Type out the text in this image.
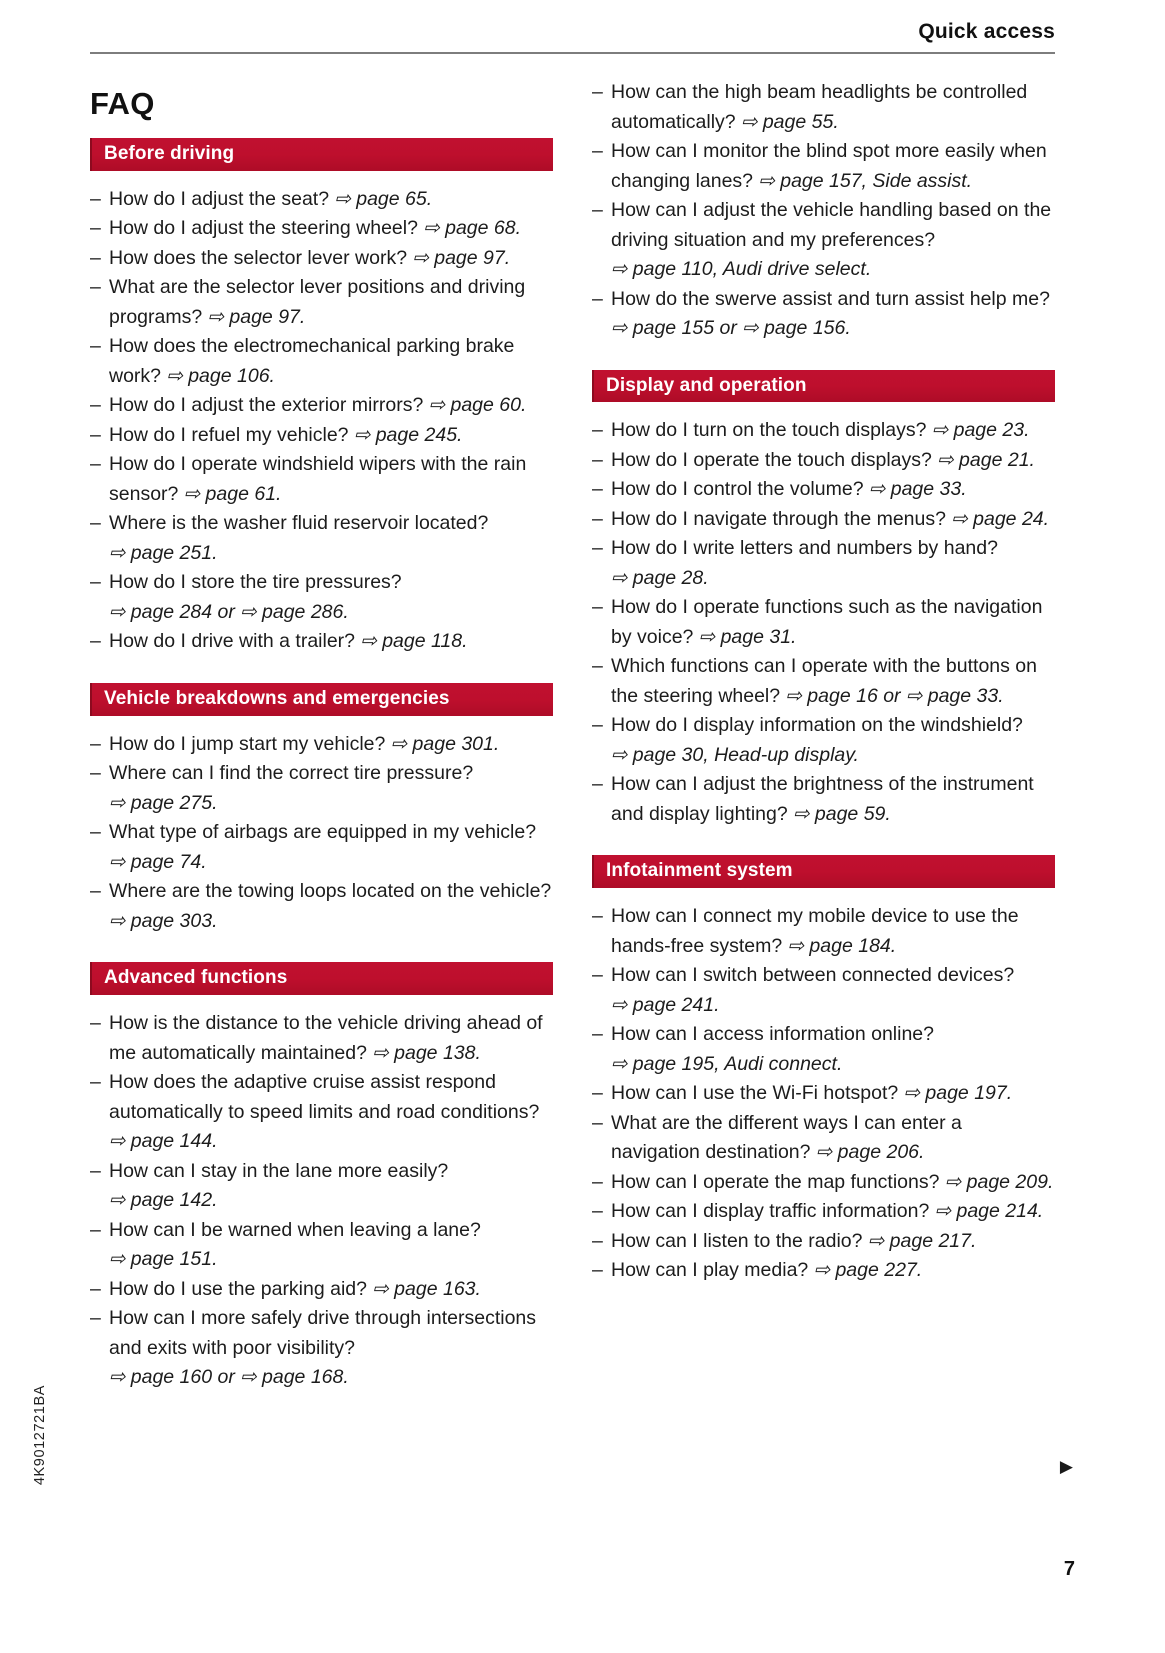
Quick access
FAQ
Before driving
– How do I adjust the seat? ⇨ page 65.
– How do I adjust the steering wheel? ⇨ page 68.
– How does the selector lever work? ⇨ page 97.
– What are the selector lever positions and driving programs? ⇨ page 97.
– How does the electromechanical parking brake work? ⇨ page 106.
– How do I adjust the exterior mirrors? ⇨ page 60.
– How do I refuel my vehicle? ⇨ page 245.
– How do I operate windshield wipers with the rain sensor? ⇨ page 61.
– Where is the washer fluid reservoir located? ⇨ page 251.
– How do I store the tire pressures? ⇨ page 284 or ⇨ page 286.
– How do I drive with a trailer? ⇨ page 118.
Vehicle breakdowns and emergencies
– How do I jump start my vehicle? ⇨ page 301.
– Where can I find the correct tire pressure? ⇨ page 275.
– What type of airbags are equipped in my vehicle? ⇨ page 74.
– Where are the towing loops located on the vehicle? ⇨ page 303.
Advanced functions
– How is the distance to the vehicle driving ahead of me automatically maintained? ⇨ page 138.
– How does the adaptive cruise assist respond automatically to speed limits and road conditions? ⇨ page 144.
– How can I stay in the lane more easily? ⇨ page 142.
– How can I be warned when leaving a lane? ⇨ page 151.
– How do I use the parking aid? ⇨ page 163.
– How can I more safely drive through intersections and exits with poor visibility? ⇨ page 160 or ⇨ page 168.
– How can the high beam headlights be controlled automatically? ⇨ page 55.
– How can I monitor the blind spot more easily when changing lanes? ⇨ page 157, Side assist.
– How can I adjust the vehicle handling based on the driving situation and my preferences? ⇨ page 110, Audi drive select.
– How do the swerve assist and turn assist help me? ⇨ page 155 or ⇨ page 156.
Display and operation
– How do I turn on the touch displays? ⇨ page 23.
– How do I operate the touch displays? ⇨ page 21.
– How do I control the volume? ⇨ page 33.
– How do I navigate through the menus? ⇨ page 24.
– How do I write letters and numbers by hand? ⇨ page 28.
– How do I operate functions such as the navigation by voice? ⇨ page 31.
– Which functions can I operate with the buttons on the steering wheel? ⇨ page 16 or ⇨ page 33.
– How do I display information on the windshield? ⇨ page 30, Head-up display.
– How can I adjust the brightness of the instrument and display lighting? ⇨ page 59.
Infotainment system
– How can I connect my mobile device to use the hands-free system? ⇨ page 184.
– How can I switch between connected devices? ⇨ page 241.
– How can I access information online? ⇨ page 195, Audi connect.
– How can I use the Wi-Fi hotspot? ⇨ page 197.
– What are the different ways I can enter a navigation destination? ⇨ page 206.
– How can I operate the map functions? ⇨ page 209.
– How can I display traffic information? ⇨ page 214.
– How can I listen to the radio? ⇨ page 217.
– How can I play media? ⇨ page 227.
4K9012721BA	▶
7
